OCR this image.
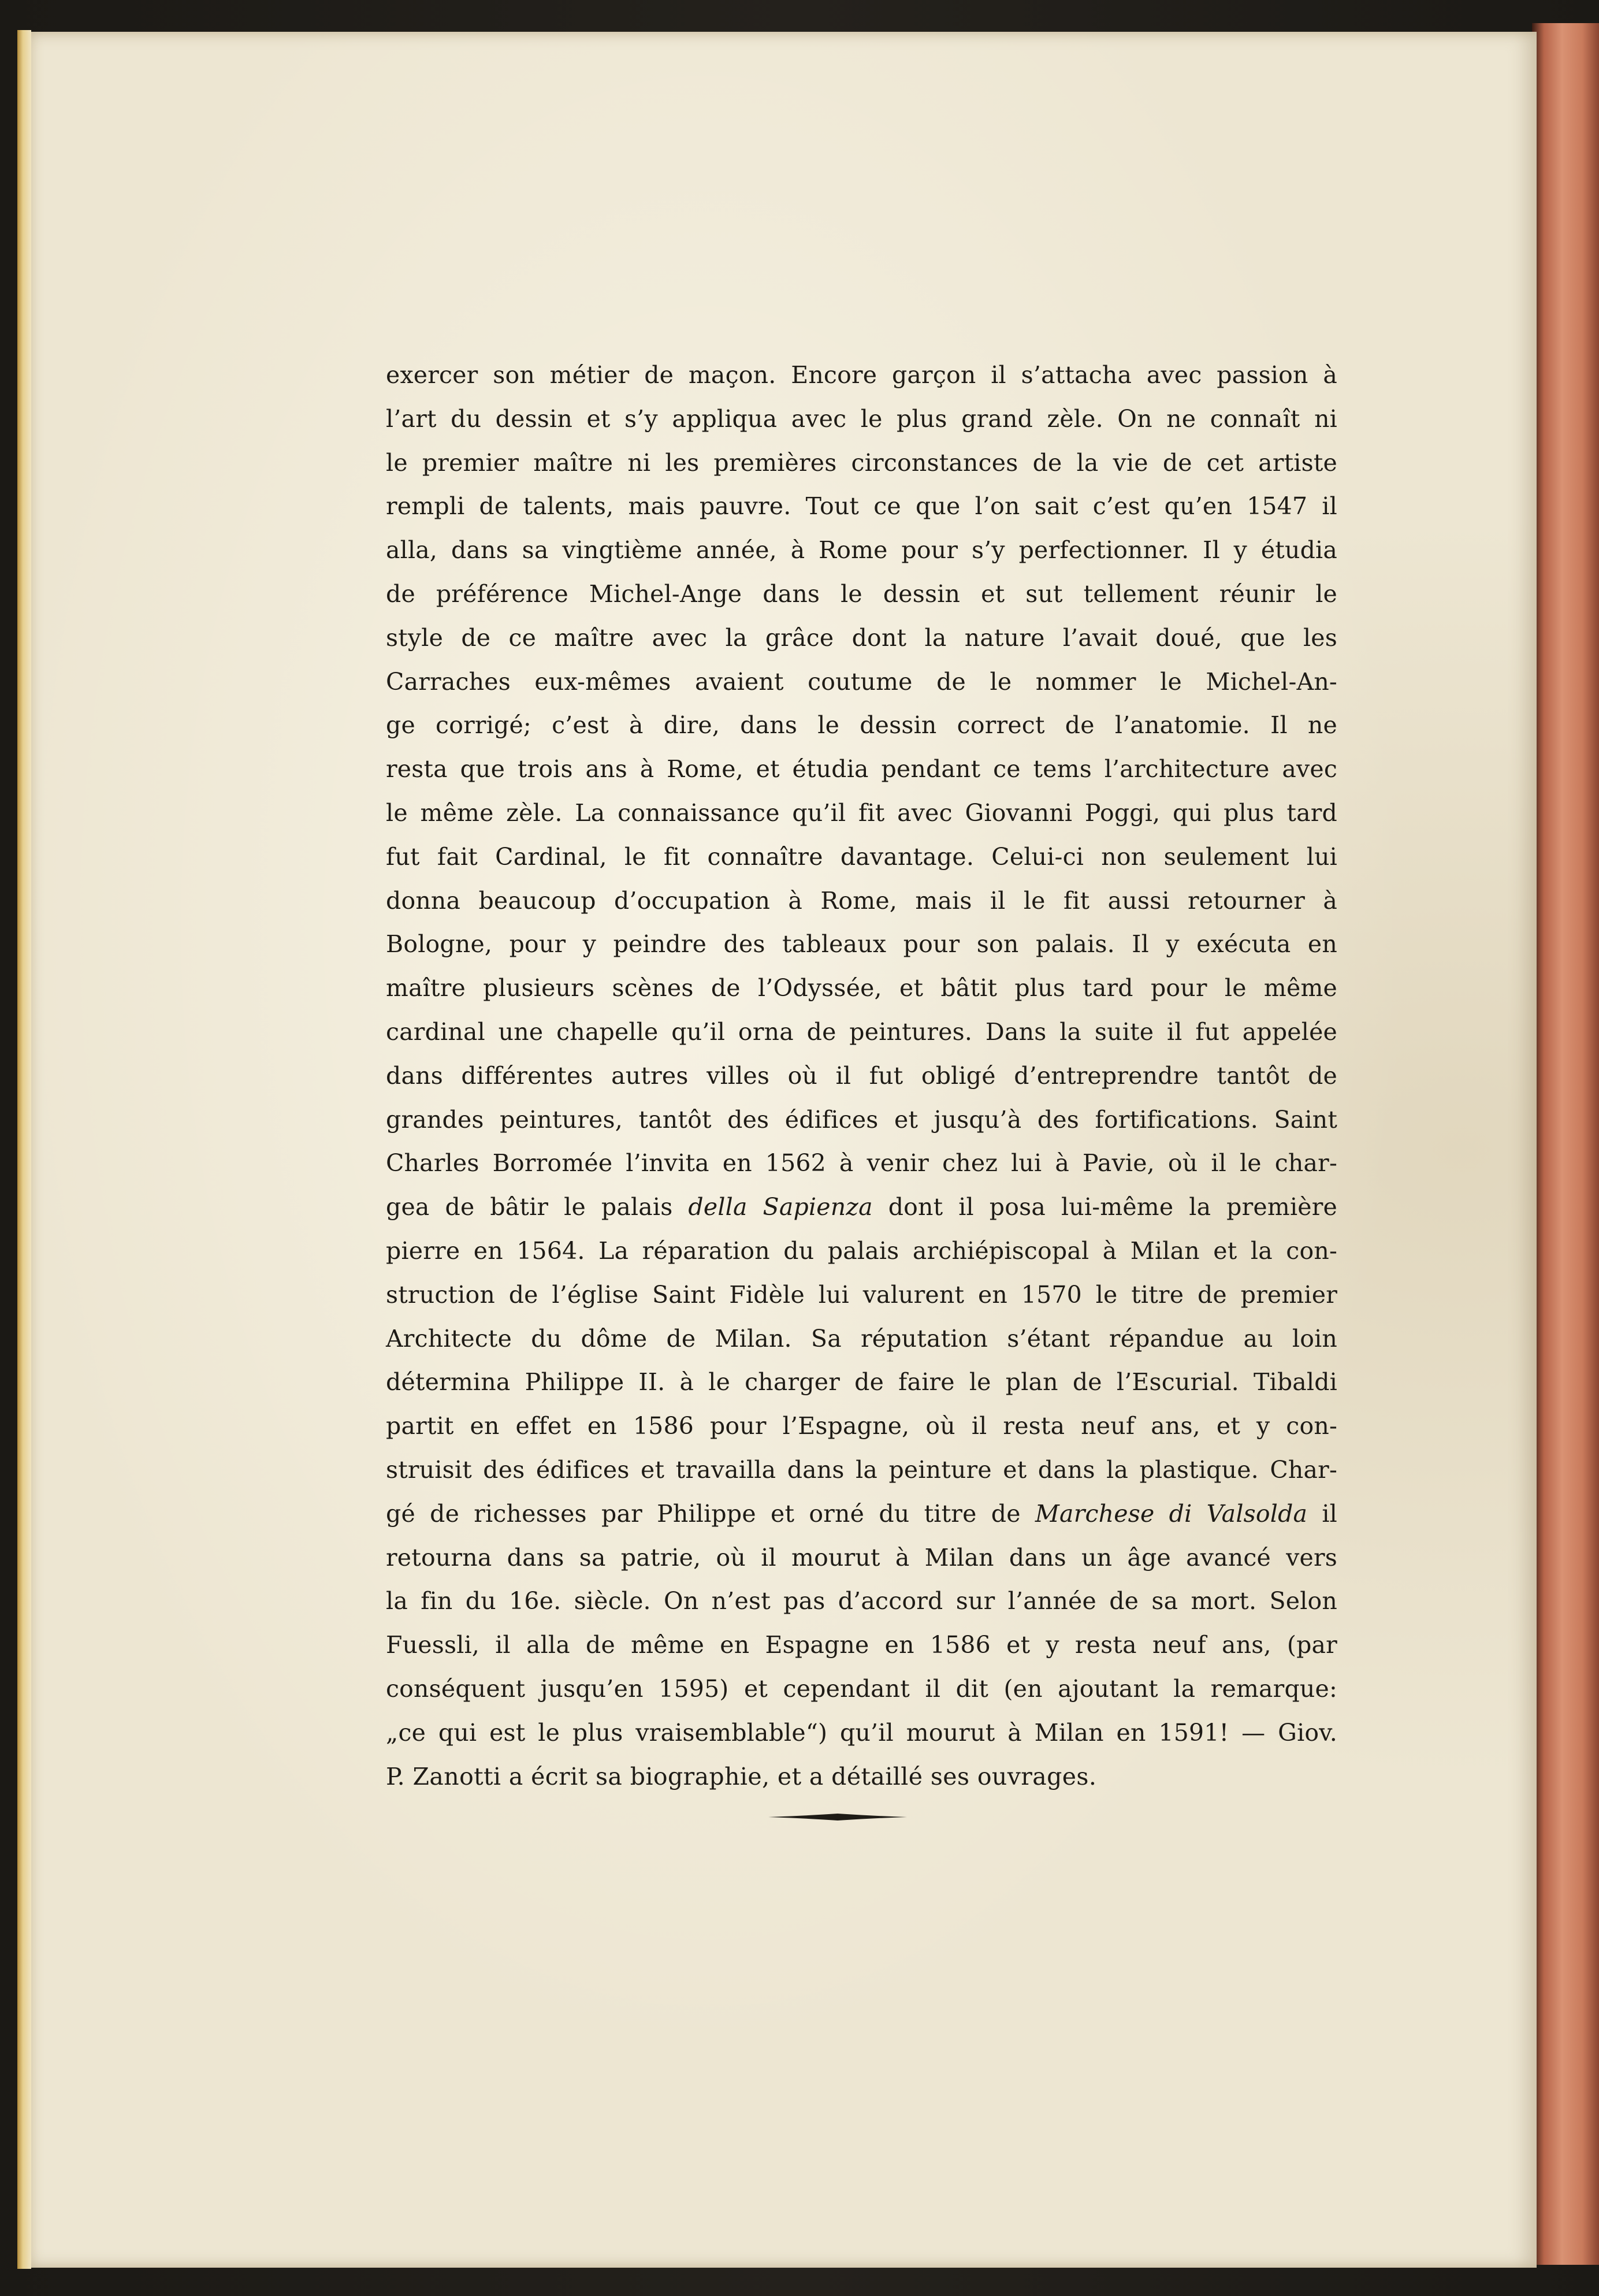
exercer son métier de maçon. Encore garçon il s’attacha avec passion à
l’art du dessin et s’y appliqua avec le plus grand zèle. On ne connaît ni
le premier maître ni les premières circonstances de la vie de cet artiste
rempli de talents, mais pauvre. Tout ce que l’on sait c’est qu’en 1547 il
alla, dans sa vingtième année, à Rome pour s’y perfectionner. Il y étudia
de préférence Michel-Ange dans le dessin et sut tellement réunir le
style de ce maître avec la grâce dont la nature l’avait doué, que les
Carraches eux-mêmes avaient coutume de le nommer le Michel-An-
ge corrigé; c’est à dire, dans le dessin correct de l’anatomie. Il ne
resta que trois ans à Rome, et étudia pendant ce tems l’architecture avec
le même zèle. La connaissance qu’il fit avec Giovanni Poggi, qui plus tard
fut fait Cardinal, le fit connaître davantage. Celui-ci non seulement lui
donna beaucoup d’occupation à Rome, mais il le fit aussi retourner à
Bologne, pour y peindre des tableaux pour son palais. Il y exécuta en
maître plusieurs scènes de l’Odyssée, et bâtit plus tard pour le même
cardinal une chapelle qu’il orna de peintures. Dans la suite il fut appelée
dans différentes autres villes où il fut obligé d’entreprendre tantôt de
grandes peintures, tantôt des édifices et jusqu’à des fortifications. Saint
Charles Borromée l’invita en 1562 à venir chez lui à Pavie, où il le char-
gea de bâtir le palais della Sapienza dont il posa lui-même la première
pierre en 1564. La réparation du palais archiépiscopal à Milan et la con-
struction de l’église Saint Fidèle lui valurent en 1570 le titre de premier
Architecte du dôme de Milan. Sa réputation s’étant répandue au loin
détermina Philippe II. à le charger de faire le plan de l’Escurial. Tibaldi
partit en effet en 1586 pour l’Espagne, où il resta neuf ans, et y con-
struisit des édifices et travailla dans la peinture et dans la plastique. Char-
gé de richesses par Philippe et orné du titre de Marchese di Valsolda il
retourna dans sa patrie, où il mourut à Milan dans un âge avancé vers
la fin du 16e. siècle. On n’est pas d’accord sur l’année de sa mort. Selon
Fuessli, il alla de même en Espagne en 1586 et y resta neuf ans, (par
conséquent jusqu’en 1595) et cependant il dit (en ajoutant la remarque:
„ce qui est le plus vraisemblable“) qu’il mourut à Milan en 1591! — Giov.
P. Zanotti a écrit sa biographie, et a détaillé ses ouvrages.
